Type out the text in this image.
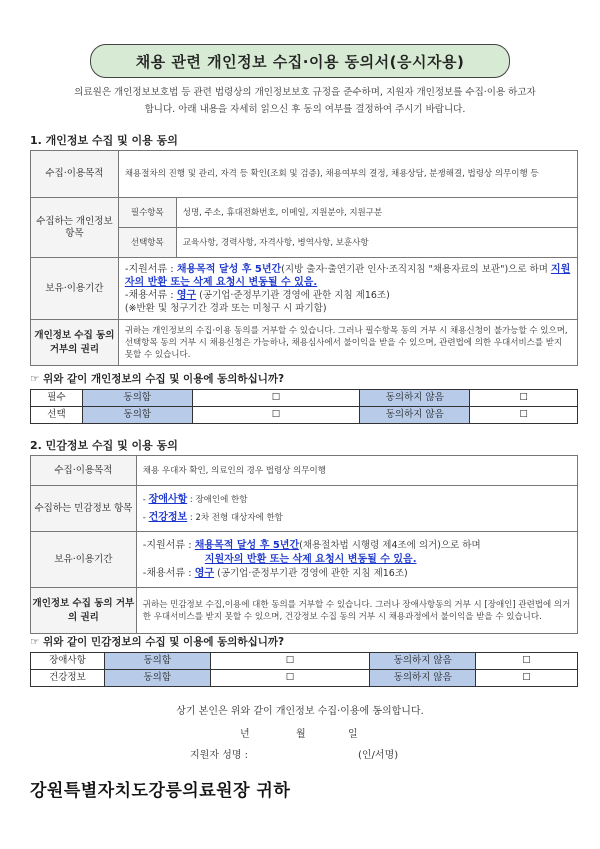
채용 관련 개인정보 수집·이용 동의서(응시자용)
의료원은 개인정보보호법 등 관련 법령상의 개인정보보호 규정을 준수하며, 지원자 개인정보를 수집·이용 하고자
합니다. 아래 내용을 자세히 읽으신 후 동의 여부를 결정하여 주시기 바랍니다.
1. 개인정보 수집 및 이용 동의
수집·이용목적	채용절차의 진행 및 관리, 자격 등 확인(조회 및 검증), 채용여부의 결정, 채용상담, 분쟁해결, 법령상 의무이행 등	
수집하는 개인정보 항목	필수항목	성명, 주소, 휴대전화번호, 이메일, 지원분야, 지원구분
	선택항목	교육사항, 경력사항, 자격사항, 병역사항, 보훈사항
보유·이용기간	-지원서류 : 채용목적 달성 후 5년간(지방 출자·출연기관 인사·조직지침 "채용자료의 보관")으로 하며 지원자의 반환 또는 삭제 요청시 변동될 수 있음.
-채용서류 : 영구 (공기업·준정부기관 경영에 관한 지침 제16조)
(※반환 및 청구기간 경과 또는 미청구 시 파기함)	

개인정보 수집 동의 거부의 권리	귀하는 개인정보의 수집·이용 동의를 거부할 수 있습니다. 그러나 필수항목 동의 거부 시 채용신청이 불가능할 수 있으며, 선택항목 동의 거부 시 채용신청은 가능하나, 채용심사에서 불이익을 받을 수 있으며, 관련법에 의한 우대서비스를 받지 못할 수 있습니다.	
☞ 위와 같이 개인정보의 수집 및 이용에 동의하십니까?
필수	동의함	☐	동의하지 않음	☐
선택	동의함	☐	동의하지 않음	☐
2. 민감정보 수집 및 이용 동의
수집·이용목적	채용 우대자 확인, 의료인의 경우 법령상 의무이행
수집하는 민감정보 항목	- 장애사항 : 장애인에 한함
- 건강정보 : 2차 전형 대상자에 한함

보유·이용기간	-지원서류 : 채용목적 달성 후 5년간(채용절차법 시행령 제4조에 의거)으로 하며
지원자의 반환 또는 삭제 요청시 변동될 수 있음.
-채용서류 : 영구 (공기업·준정부기관 경영에 관한 지침 제16조)

개인정보 수집 동의 거부의 권리	귀하는 민감정보 수집,이용에 대한 동의를 거부할 수 있습니다. 그러나 장애사항동의 거부 시 [장애인] 관련법에 의거한 우대서비스를 받지 못할 수 있으며, 건강정보 수집 동의 거부 시 채용과정에서 불이익을 받을 수 있습니다.
☞ 위와 같이 민감정보의 수집 및 이용에 동의하십니까?
장애사항	동의함	☐	동의하지 않음	☐
건강정보	동의함	☐	동의하지 않음	☐
상기 본인은 위와 같이 개인정보 수집·이용에 동의합니다.
년	월	일
지원자 성명 :	(인/서명)
강원특별자치도강릉의료원장 귀하
